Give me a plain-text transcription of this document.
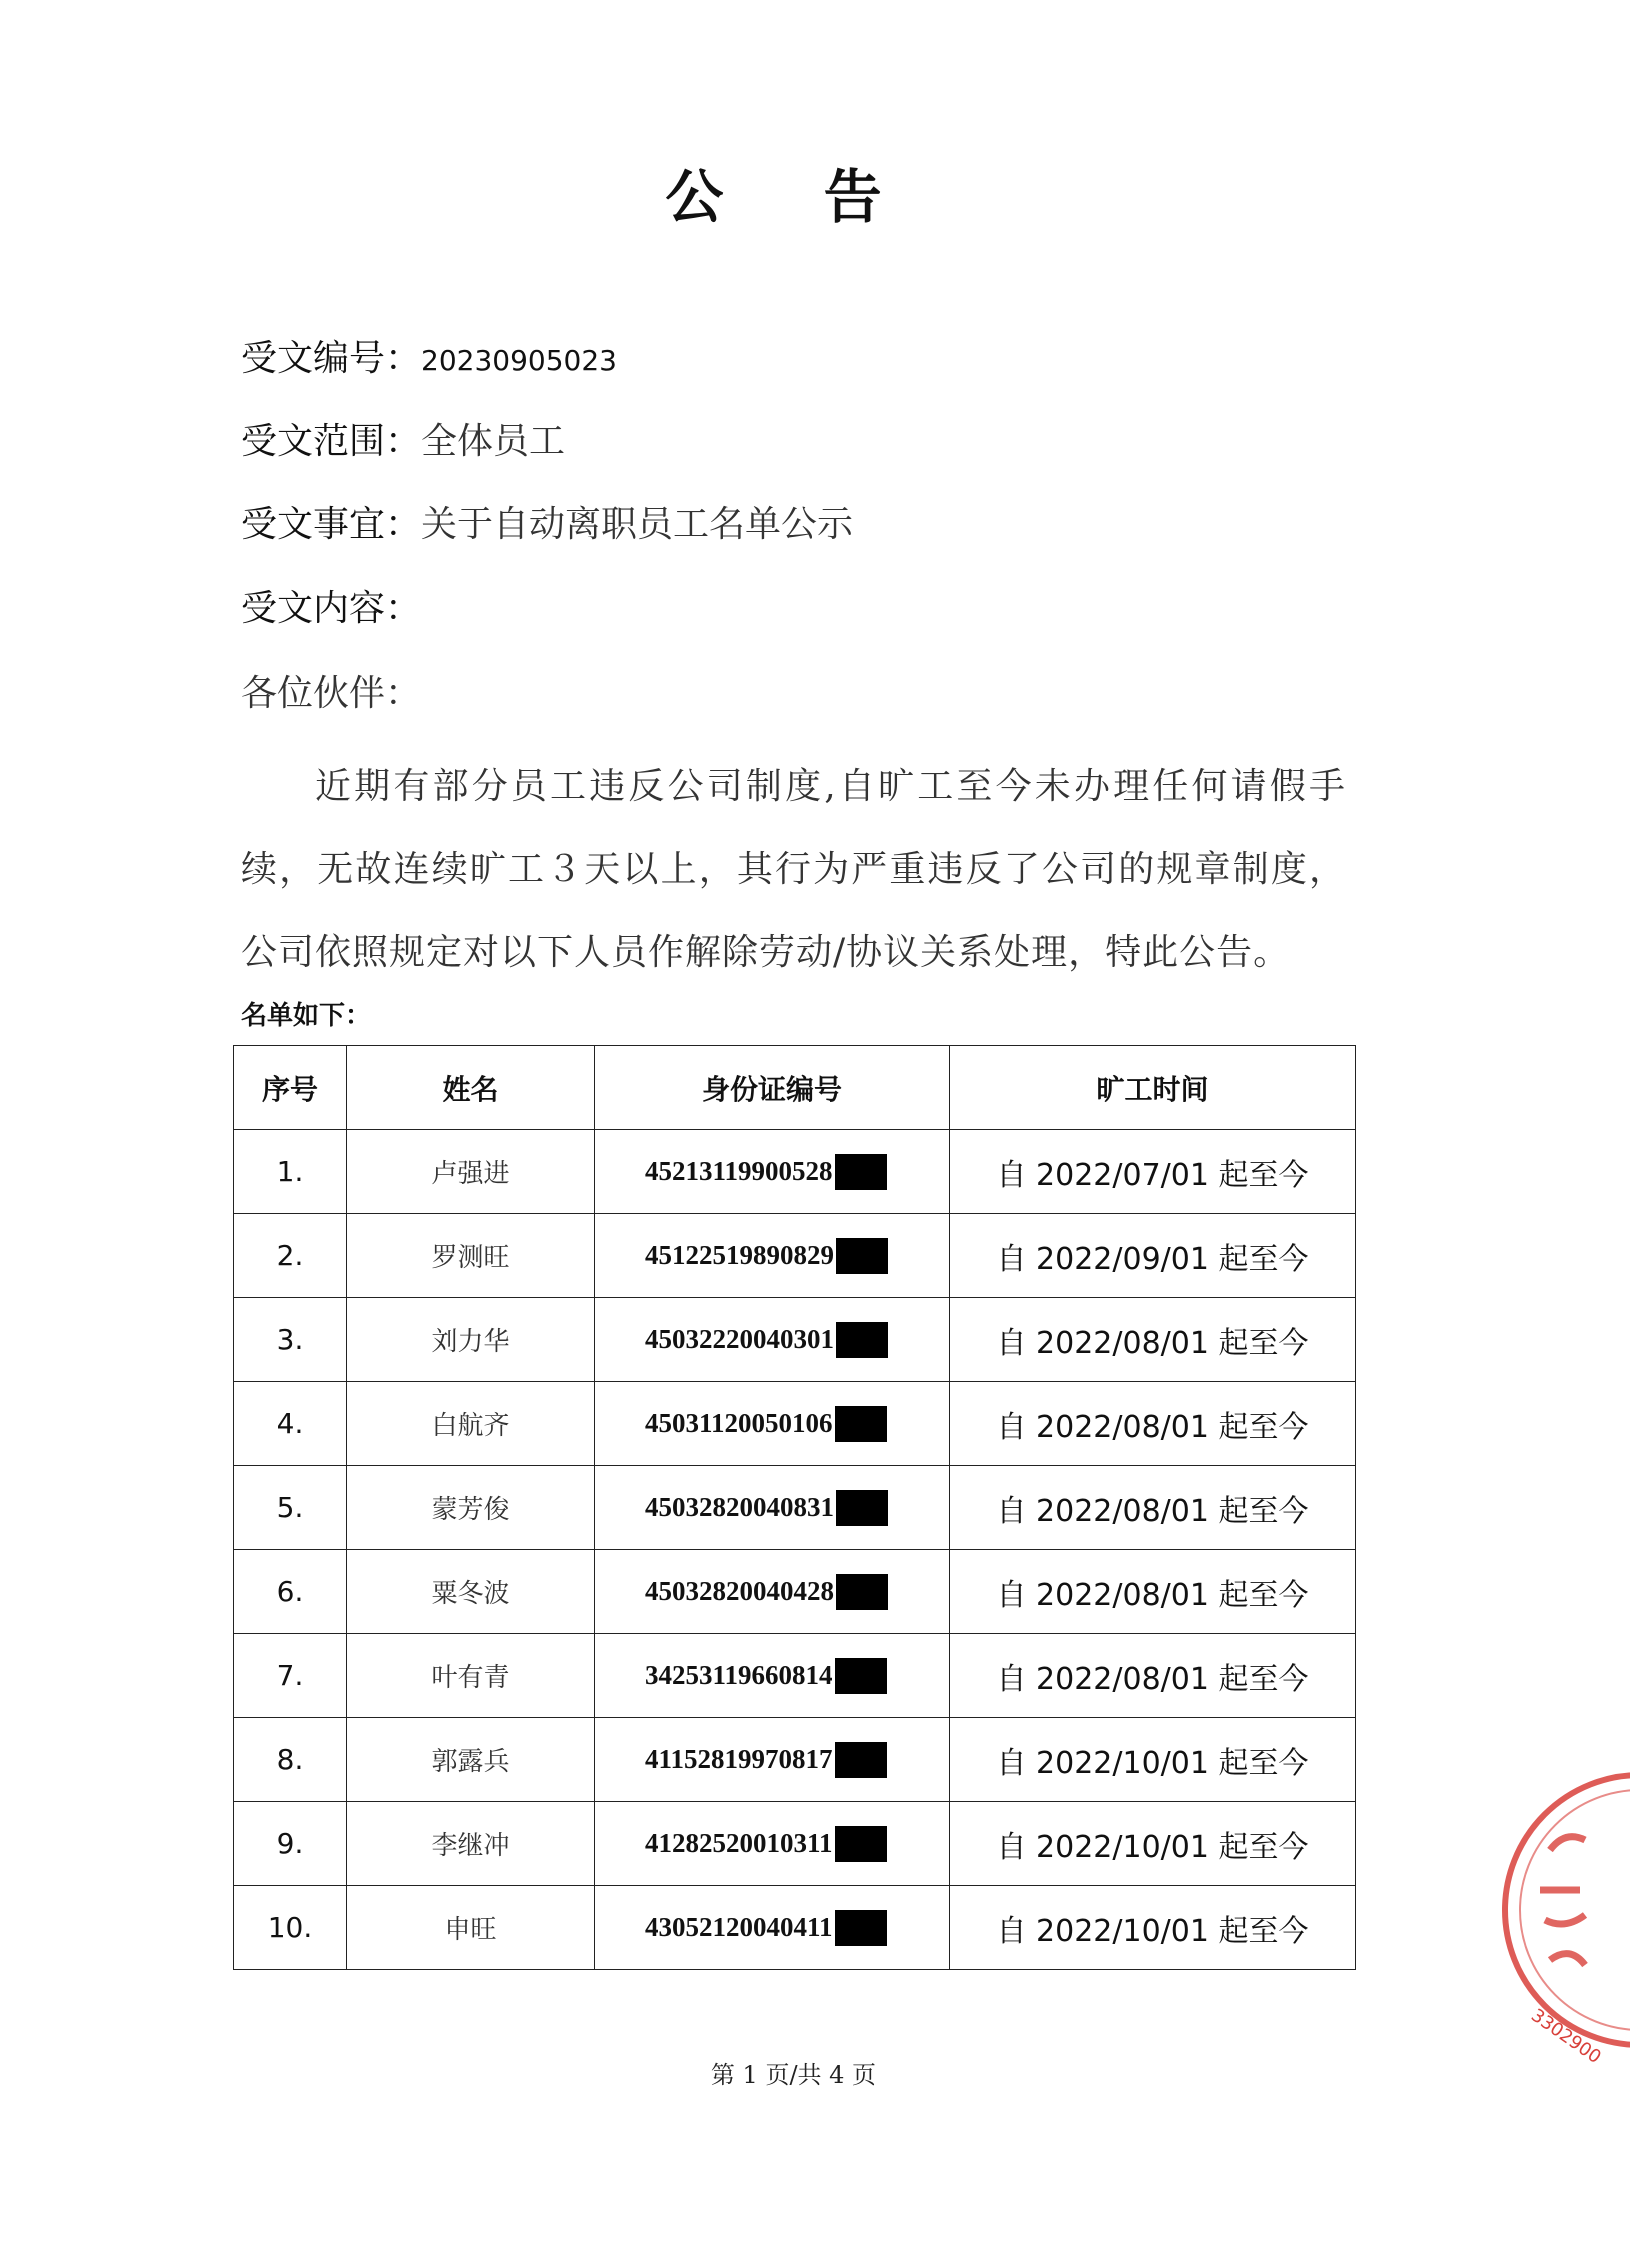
公 告
受文编号：20230905023
受文范围：全体员工
受文事宜：关于自动离职员工名单公示
受文内容：
各位伙伴：
近期有部分员工违反公司制度,自旷工至今未办理任何请假手续，无故连续旷工３天以上，其行为严重违反了公司的规章制度，公司依照规定对以下人员作解除劳动/协议关系处理，特此公告。
名单如下：
序号	姓名	身份证编号	旷工时间
1.	卢强进	45213119900528	自 2022/07/01 起至今
2.	罗测旺	45122519890829	自 2022/09/01 起至今
3.	刘力华	45032220040301	自 2022/08/01 起至今
4.	白航齐	45031120050106	自 2022/08/01 起至今
5.	蒙芳俊	45032820040831	自 2022/08/01 起至今
6.	粟冬波	45032820040428	自 2022/08/01 起至今
7.	叶有青	34253119660814	自 2022/08/01 起至今
8.	郭露兵	41152819970817	自 2022/10/01 起至今
9.	李继冲	41282520010311	自 2022/10/01 起至今
10.	申旺	43052120040411	自 2022/10/01 起至今
第 1 页/共 4 页
3302900
